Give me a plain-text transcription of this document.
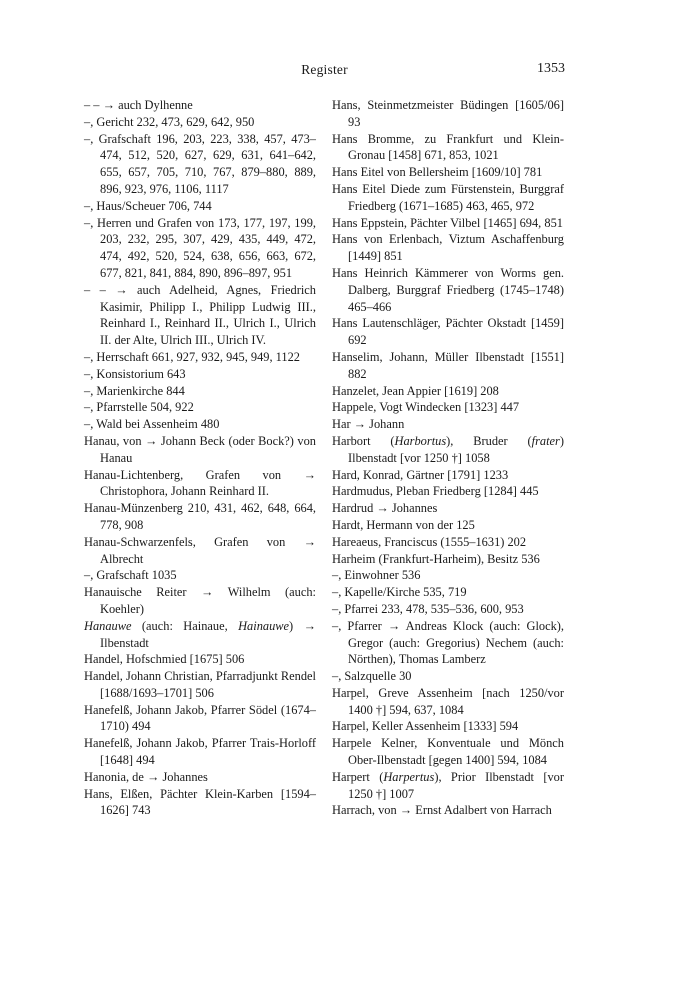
Register	1353

– – → auch Dylhenne

–, Gericht 232, 473, 629, 642, 950

–, Grafschaft 196, 203, 223, 338, 457, 473–474, 512, 520, 627, 629, 631, 641–642, 655, 657, 705, 710, 767, 879–880, 889, 896, 923, 976, 1106, 1117

–, Haus/Scheuer 706, 744

–, Herren und Grafen von 173, 177, 197, 199, 203, 232, 295, 307, 429, 435, 449, 472, 474, 492, 520, 524, 638, 656, 663, 672, 677, 821, 841, 884, 890, 896–897, 951

– – → auch Adelheid, Agnes, Friedrich Kasimir, Philipp I., Philipp Ludwig III., Reinhard I., Reinhard II., Ulrich I., Ulrich II. der Alte, Ulrich III., Ulrich IV.

–, Herrschaft 661, 927, 932, 945, 949, 1122

–, Konsistorium 643

–, Marienkirche 844

–, Pfarrstelle 504, 922

–, Wald bei Assenheim 480

Hanau, von → Johann Beck (oder Bock?) von Hanau

Hanau-Lichtenberg, Grafen von → Christophora, Johann Reinhard II.

Hanau-Münzenberg 210, 431, 462, 648, 664, 778, 908

Hanau-Schwarzenfels, Grafen von → Albrecht

–, Grafschaft 1035

Hanauische Reiter → Wilhelm (auch: Koehler)

Hanauwe (auch: Hainaue, Hainauwe) → Ilbenstadt

Handel, Hofschmied [1675] 506

Handel, Johann Christian, Pfarradjunkt Rendel [1688/1693–1701] 506

Hanefelß, Johann Jakob, Pfarrer Södel (1674–1710) 494

Hanefelß, Johann Jakob, Pfarrer Trais-Horloff [1648] 494

Hanonia, de → Johannes

Hans, Elßen, Pächter Klein-Karben [1594–1626] 743

Hans, Steinmetzmeister Büdingen [1605/06] 93

Hans Bromme, zu Frankfurt und Klein-Gronau [1458] 671, 853, 1021

Hans Eitel von Bellersheim [1609/10] 781

Hans Eitel Diede zum Fürstenstein, Burggraf Friedberg (1671–1685) 463, 465, 972

Hans Eppstein, Pächter Vilbel [1465] 694, 851

Hans von Erlenbach, Viztum Aschaffenburg [1449] 851

Hans Heinrich Kämmerer von Worms gen. Dalberg, Burggraf Friedberg (1745–1748) 465–466

Hans Lautenschläger, Pächter Okstadt [1459] 692

Hanselim, Johann, Müller Ilbenstadt [1551] 882

Hanzelet, Jean Appier [1619] 208

Happele, Vogt Windecken [1323] 447

Har → Johann

Harbort (Harbortus), Bruder (frater) Ilbenstadt [vor 1250 †] 1058

Hard, Konrad, Gärtner [1791] 1233

Hardmudus, Pleban Friedberg [1284] 445

Hardrud → Johannes

Hardt, Hermann von der 125

Hareaeus, Franciscus (1555–1631) 202

Harheim (Frankfurt-Harheim), Besitz 536

–, Einwohner 536

–, Kapelle/Kirche 535, 719

–, Pfarrei 233, 478, 535–536, 600, 953

–, Pfarrer → Andreas Klock (auch: Glock), Gregor (auch: Gregorius) Nechem (auch: Nörthen), Thomas Lamberz

–, Salzquelle 30

Harpel, Greve Assenheim [nach 1250/vor 1400 †] 594, 637, 1084

Harpel, Keller Assenheim [1333] 594

Harpele Kelner, Konventuale und Mönch Ober-Ilbenstadt [gegen 1400] 594, 1084

Harpert (Harpertus), Prior Ilbenstadt [vor 1250 †] 1007

Harrach, von → Ernst Adalbert von Harrach
